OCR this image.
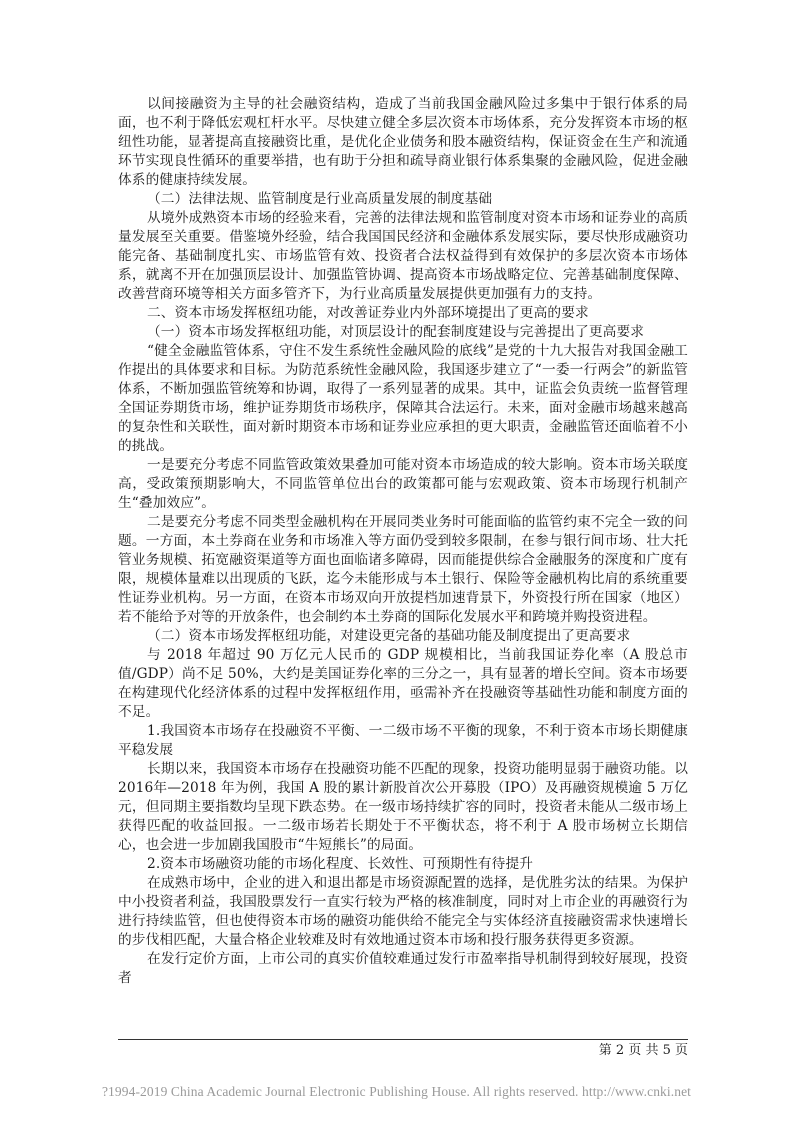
以间接融资为主导的社会融资结构，造成了当前我国金融风险过多集中于银行体系的局面，也不利于降低宏观杠杆水平。尽快建立健全多层次资本市场体系，充分发挥资本市场的枢纽性功能，显著提高直接融资比重，是优化企业债务和股本融资结构，保证资金在生产和流通环节实现良性循环的重要举措，也有助于分担和疏导商业银行体系集聚的金融风险，促进金融体系的健康持续发展。

（二）法律法规、监管制度是行业高质量发展的制度基础

从境外成熟资本市场的经验来看，完善的法律法规和监管制度对资本市场和证券业的高质量发展至关重要。借鉴境外经验，结合我国国民经济和金融体系发展实际，要尽快形成融资功能完备、基础制度扎实、市场监管有效、投资者合法权益得到有效保护的多层次资本市场体系，就离不开在加强顶层设计、加强监管协调、提高资本市场战略定位、完善基础制度保障、改善营商环境等相关方面多管齐下，为行业高质量发展提供更加强有力的支持。

二、资本市场发挥枢纽功能，对改善证券业内外部环境提出了更高的要求

（一）资本市场发挥枢纽功能，对顶层设计的配套制度建设与完善提出了更高要求

“健全金融监管体系，守住不发生系统性金融风险的底线”是党的十九大报告对我国金融工作提出的具体要求和目标。为防范系统性金融风险，我国逐步建立了“一委一行两会”的新监管体系，不断加强监管统筹和协调，取得了一系列显著的成果。其中，证监会负责统一监督管理全国证券期货市场，维护证券期货市场秩序，保障其合法运行。未来，面对金融市场越来越高的复杂性和关联性，面对新时期资本市场和证券业应承担的更大职责，金融监管还面临着不小的挑战。

一是要充分考虑不同监管政策效果叠加可能对资本市场造成的较大影响。资本市场关联度高，受政策预期影响大，不同监管单位出台的政策都可能与宏观政策、资本市场现行机制产生“叠加效应”。

二是要充分考虑不同类型金融机构在开展同类业务时可能面临的监管约束不完全一致的问题。一方面，本土券商在业务和市场准入等方面仍受到较多限制，在参与银行间市场、壮大托管业务规模、拓宽融资渠道等方面也面临诸多障碍，因而能提供综合金融服务的深度和广度有限，规模体量难以出现质的飞跃，迄今未能形成与本土银行、保险等金融机构比肩的系统重要性证券业机构。另一方面，在资本市场双向开放提档加速背景下，外资投行所在国家（地区）若不能给予对等的开放条件，也会制约本土券商的国际化发展水平和跨境并购投资进程。

（二）资本市场发挥枢纽功能，对建设更完备的基础功能及制度提出了更高要求

与 2018 年超过 90 万亿元人民币的 GDP 规模相比，当前我国证券化率（A 股总市值/GDP）尚不足 50%，大约是美国证券化率的三分之一，具有显著的增长空间。资本市场要在构建现代化经济体系的过程中发挥枢纽作用，亟需补齐在投融资等基础性功能和制度方面的不足。

1.我国资本市场存在投融资不平衡、一二级市场不平衡的现象，不利于资本市场长期健康平稳发展

长期以来，我国资本市场存在投融资功能不匹配的现象，投资功能明显弱于融资功能。以 2016年—2018 年为例，我国 A 股的累计新股首次公开募股（IPO）及再融资规模逾 5 万亿元，但同期主要指数均呈现下跌态势。在一级市场持续扩容的同时，投资者未能从二级市场上获得匹配的收益回报。一二级市场若长期处于不平衡状态，将不利于 A 股市场树立长期信心，也会进一步加剧我国股市“牛短熊长”的局面。

2.资本市场融资功能的市场化程度、长效性、可预期性有待提升

在成熟市场中，企业的进入和退出都是市场资源配置的选择，是优胜劣汰的结果。为保护中小投资者利益，我国股票发行一直实行较为严格的核准制度，同时对上市企业的再融资行为进行持续监管，但也使得资本市场的融资功能供给不能完全与实体经济直接融资需求快速增长的步伐相匹配，大量合格企业较难及时有效地通过资本市场和投行服务获得更多资源。

在发行定价方面，上市公司的真实价值较难通过发行市盈率指导机制得到较好展现，投资者

第 2 页 共 5 页
?1994-2019 China Academic Journal Electronic Publishing House. All rights reserved. http://www.cnki.net
